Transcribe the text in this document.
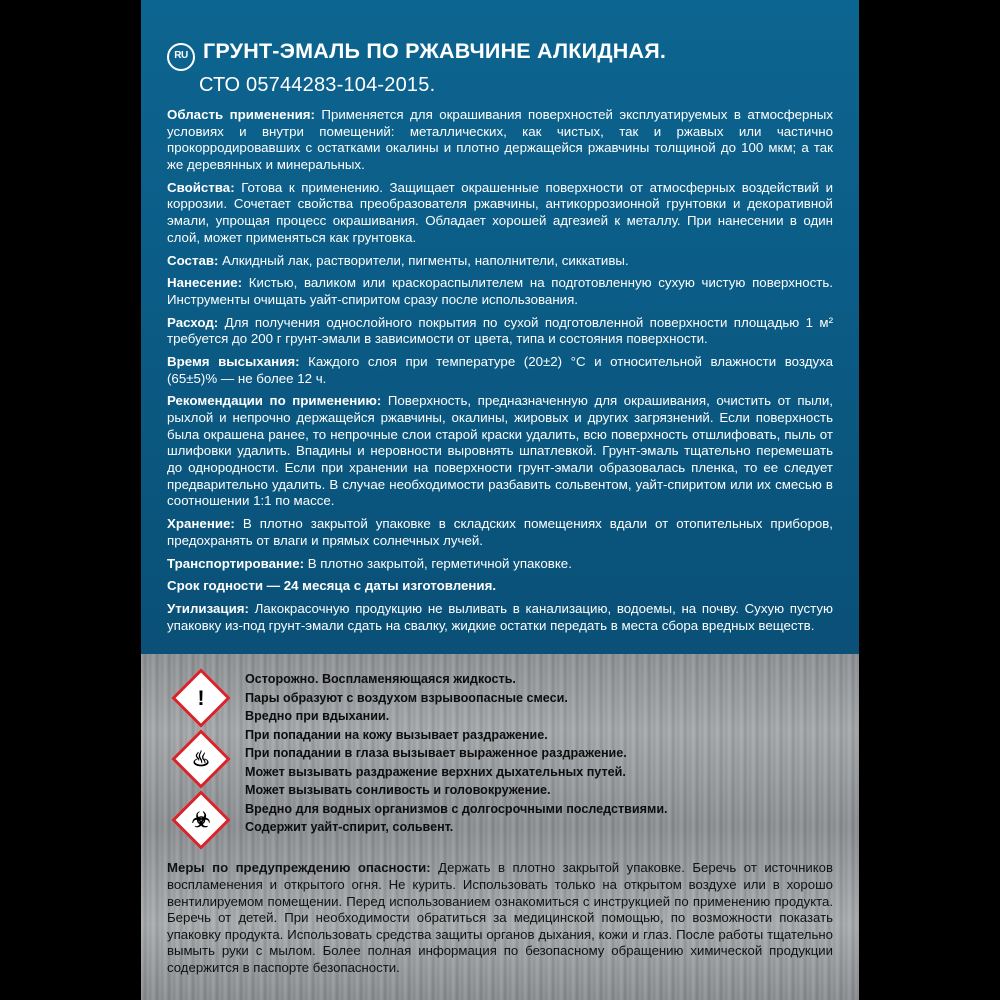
RU ГРУНТ-ЭМАЛЬ ПО РЖАВЧИНЕ АЛКИДНАЯ.
СТО 05744283-104-2015.

Область применения: Применяется для окрашивания поверхностей эксплуатируемых в атмосферных условиях и внутри помещений: металлических, как чистых, так и ржавых или частично прокорродировавших с остатками окалины и плотно держащейся ржавчины толщиной до 100 мкм; а так же деревянных и минеральных.

Свойства: Готова к применению. Защищает окрашенные поверхности от атмосферных воздействий и коррозии. Сочетает свойства преобразователя ржавчины, антикоррозионной грунтовки и декоративной эмали, упрощая процесс окрашивания. Обладает хорошей адгезией к металлу. При нанесении в один слой, может применяться как грунтовка.

Состав: Алкидный лак, растворители, пигменты, наполнители, сиккативы.

Нанесение: Кистью, валиком или краскораспылителем на подготовленную сухую чистую поверхность. Инструменты очищать уайт-спиритом сразу после использования.

Расход: Для получения однослойного покрытия по сухой подготовленной поверхности площадью 1 м² требуется до 200 г грунт-эмали в зависимости от цвета, типа и состояния поверхности.

Время высыхания: Каждого слоя при температуре (20±2) °С и относительной влажности воздуха (65±5)% — не более 12 ч.

Рекомендации по применению: Поверхность, предназначенную для окрашивания, очистить от пыли, рыхлой и непрочно держащейся ржавчины, окалины, жировых и других загрязнений. Если поверхность была окрашена ранее, то непрочные слои старой краски удалить, всю поверхность отшлифовать, пыль от шлифовки удалить. Впадины и неровности выровнять шпатлевкой. Грунт-эмаль тщательно перемешать до однородности. Если при хранении на поверхности грунт-эмали образовалась пленка, то ее следует предварительно удалить. В случае необходимости разбавить сольвентом, уайт-спиритом или их смесью в соотношении 1:1 по массе.

Хранение: В плотно закрытой упаковке в складских помещениях вдали от отопительных приборов, предохранять от влаги и прямых солнечных лучей.

Транспортирование: В плотно закрытой, герметичной упаковке.

Срок годности — 24 месяца с даты изготовления.

Утилизация: Лакокрасочную продукцию не выливать в канализацию, водоемы, на почву. Сухую пустую упаковку из-под грунт-эмали сдать на свалку, жидкие остатки передать в места сбора вредных веществ.

!
♨
☣
Осторожно. Воспламеняющаяся жидкость.
Пары образуют с воздухом взрывоопасные смеси.
Вредно при вдыхании.
При попадании на кожу вызывает раздражение.
При попадании в глаза вызывает выраженное раздражение.
Может вызывать раздражение верхних дыхательных путей.
Может вызывать сонливость и головокружение.
Вредно для водных организмов с долгосрочными последствиями.
Содержит уайт-спирит, сольвент.

Меры по предупреждению опасности: Держать в плотно закрытой упаковке. Беречь от источников воспламенения и открытого огня. Не курить. Использовать только на открытом воздухе или в хорошо вентилируемом помещении. Перед использованием ознакомиться с инструкцией по применению продукта. Беречь от детей. При необходимости обратиться за медицинской помощью, по возможности показать упаковку продукта. Использовать средства защиты органов дыхания, кожи и глаз. После работы тщательно вымыть руки с мылом. Более полная информация по безопасному обращению химической продукции содержится в паспорте безопасности.
